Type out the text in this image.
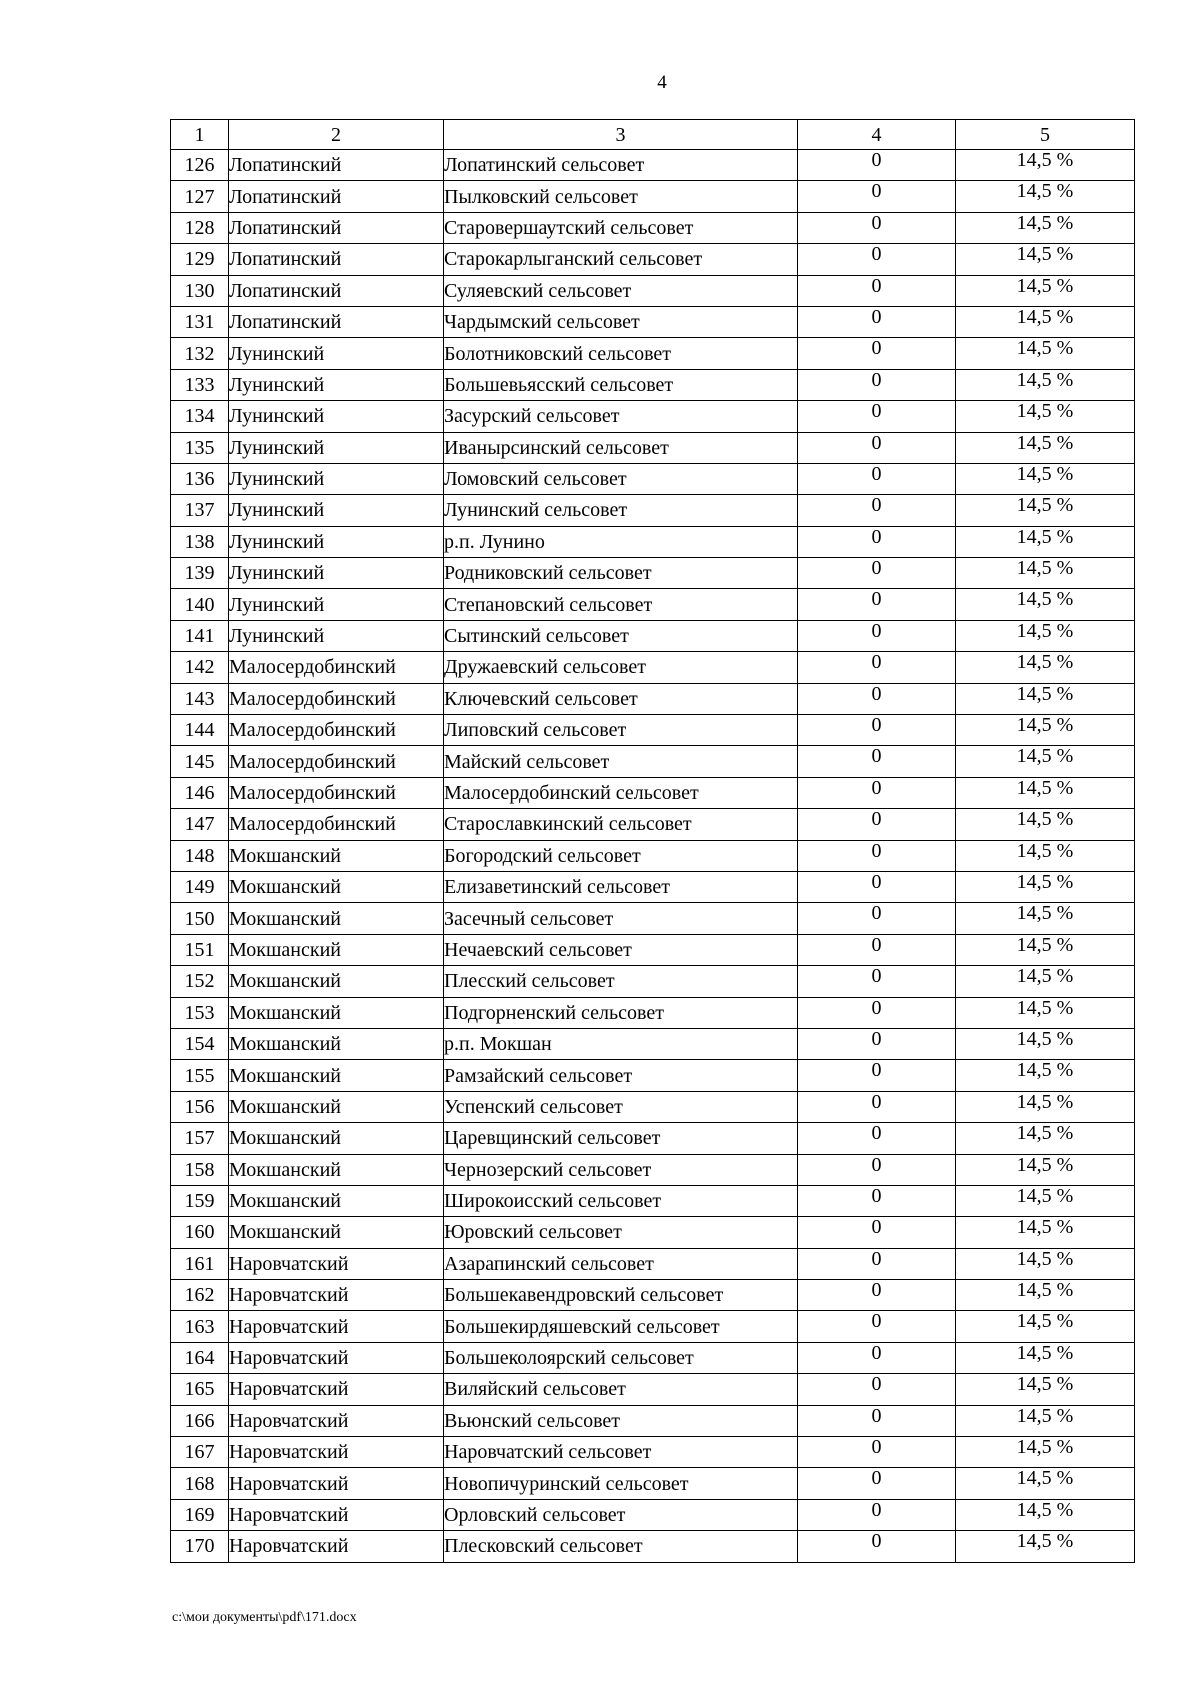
4
1	2	3	4	5
126	Лопатинский	Лопатинский сельсовет	0	14,5 %
127	Лопатинский	Пылковский сельсовет	0	14,5 %
128	Лопатинский	Старовершаутский сельсовет	0	14,5 %
129	Лопатинский	Старокарлыганский сельсовет	0	14,5 %
130	Лопатинский	Суляевский сельсовет	0	14,5 %
131	Лопатинский	Чардымский сельсовет	0	14,5 %
132	Лунинский	Болотниковский сельсовет	0	14,5 %
133	Лунинский	Большевьясский сельсовет	0	14,5 %
134	Лунинский	Засурский сельсовет	0	14,5 %
135	Лунинский	Иванырсинский сельсовет	0	14,5 %
136	Лунинский	Ломовский сельсовет	0	14,5 %
137	Лунинский	Лунинский сельсовет	0	14,5 %
138	Лунинский	р.п. Лунино	0	14,5 %
139	Лунинский	Родниковский сельсовет	0	14,5 %
140	Лунинский	Степановский сельсовет	0	14,5 %
141	Лунинский	Сытинский сельсовет	0	14,5 %
142	Малосердобинский	Дружаевский сельсовет	0	14,5 %
143	Малосердобинский	Ключевский сельсовет	0	14,5 %
144	Малосердобинский	Липовский сельсовет	0	14,5 %
145	Малосердобинский	Майский сельсовет	0	14,5 %
146	Малосердобинский	Малосердобинский сельсовет	0	14,5 %
147	Малосердобинский	Старославкинский сельсовет	0	14,5 %
148	Мокшанский	Богородский сельсовет	0	14,5 %
149	Мокшанский	Елизаветинский сельсовет	0	14,5 %
150	Мокшанский	Засечный сельсовет	0	14,5 %
151	Мокшанский	Нечаевский сельсовет	0	14,5 %
152	Мокшанский	Плесский сельсовет	0	14,5 %
153	Мокшанский	Подгорненский сельсовет	0	14,5 %
154	Мокшанский	р.п. Мокшан	0	14,5 %
155	Мокшанский	Рамзайский сельсовет	0	14,5 %
156	Мокшанский	Успенский сельсовет	0	14,5 %
157	Мокшанский	Царевщинский сельсовет	0	14,5 %
158	Мокшанский	Чернозерский сельсовет	0	14,5 %
159	Мокшанский	Широкоисский сельсовет	0	14,5 %
160	Мокшанский	Юровский сельсовет	0	14,5 %
161	Наровчатский	Азарапинский сельсовет	0	14,5 %
162	Наровчатский	Большекавендровский сельсовет	0	14,5 %
163	Наровчатский	Большекирдяшевский сельсовет	0	14,5 %
164	Наровчатский	Большеколоярский сельсовет	0	14,5 %
165	Наровчатский	Виляйский сельсовет	0	14,5 %
166	Наровчатский	Вьюнский сельсовет	0	14,5 %
167	Наровчатский	Наровчатский сельсовет	0	14,5 %
168	Наровчатский	Новопичуринский сельсовет	0	14,5 %
169	Наровчатский	Орловский сельсовет	0	14,5 %
170	Наровчатский	Плесковский сельсовет	0	14,5 %
c:\мои документы\pdf\171.docx
